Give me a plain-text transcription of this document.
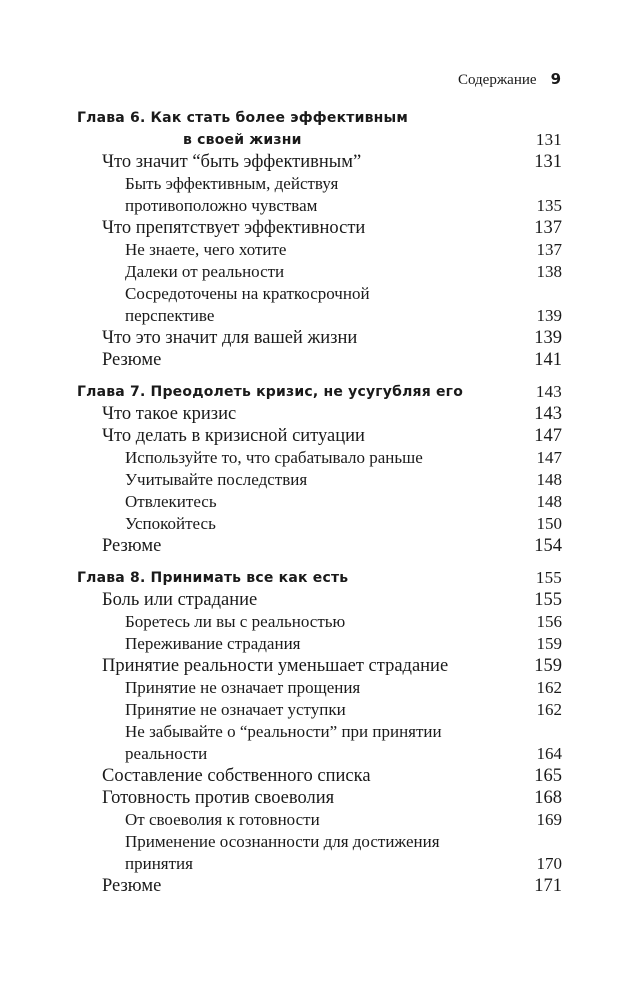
Содержание 9
Глава 6. Как стать более эффективным
в своей жизни	131
Что значит “быть эффективным”	131
Быть эффективным, действуя
противоположно чувствам	135
Что препятствует эффективности	137
Не знаете, чего хотите	137
Далеки от реальности	138
Сосредоточены на краткосрочной
перспективе	139
Что это значит для вашей жизни	139
Резюме	141
Глава 7. Преодолеть кризис, не усугубляя его	143
Что такое кризис	143
Что делать в кризисной ситуации	147
Используйте то, что срабатывало раньше	147
Учитывайте последствия	148
Отвлекитесь	148
Успокойтесь	150
Резюме	154
Глава 8. Принимать все как есть	155
Боль или страдание	155
Боретесь ли вы с реальностью	156
Переживание страдания	159
Принятие реальности уменьшает страдание	159
Принятие не означает прощения	162
Принятие не означает уступки	162
Не забывайте о “реальности” при принятии
реальности	164
Составление собственного списка	165
Готовность против своеволия	168
От своеволия к готовности	169
Применение осознанности для достижения
принятия	170
Резюме	171
